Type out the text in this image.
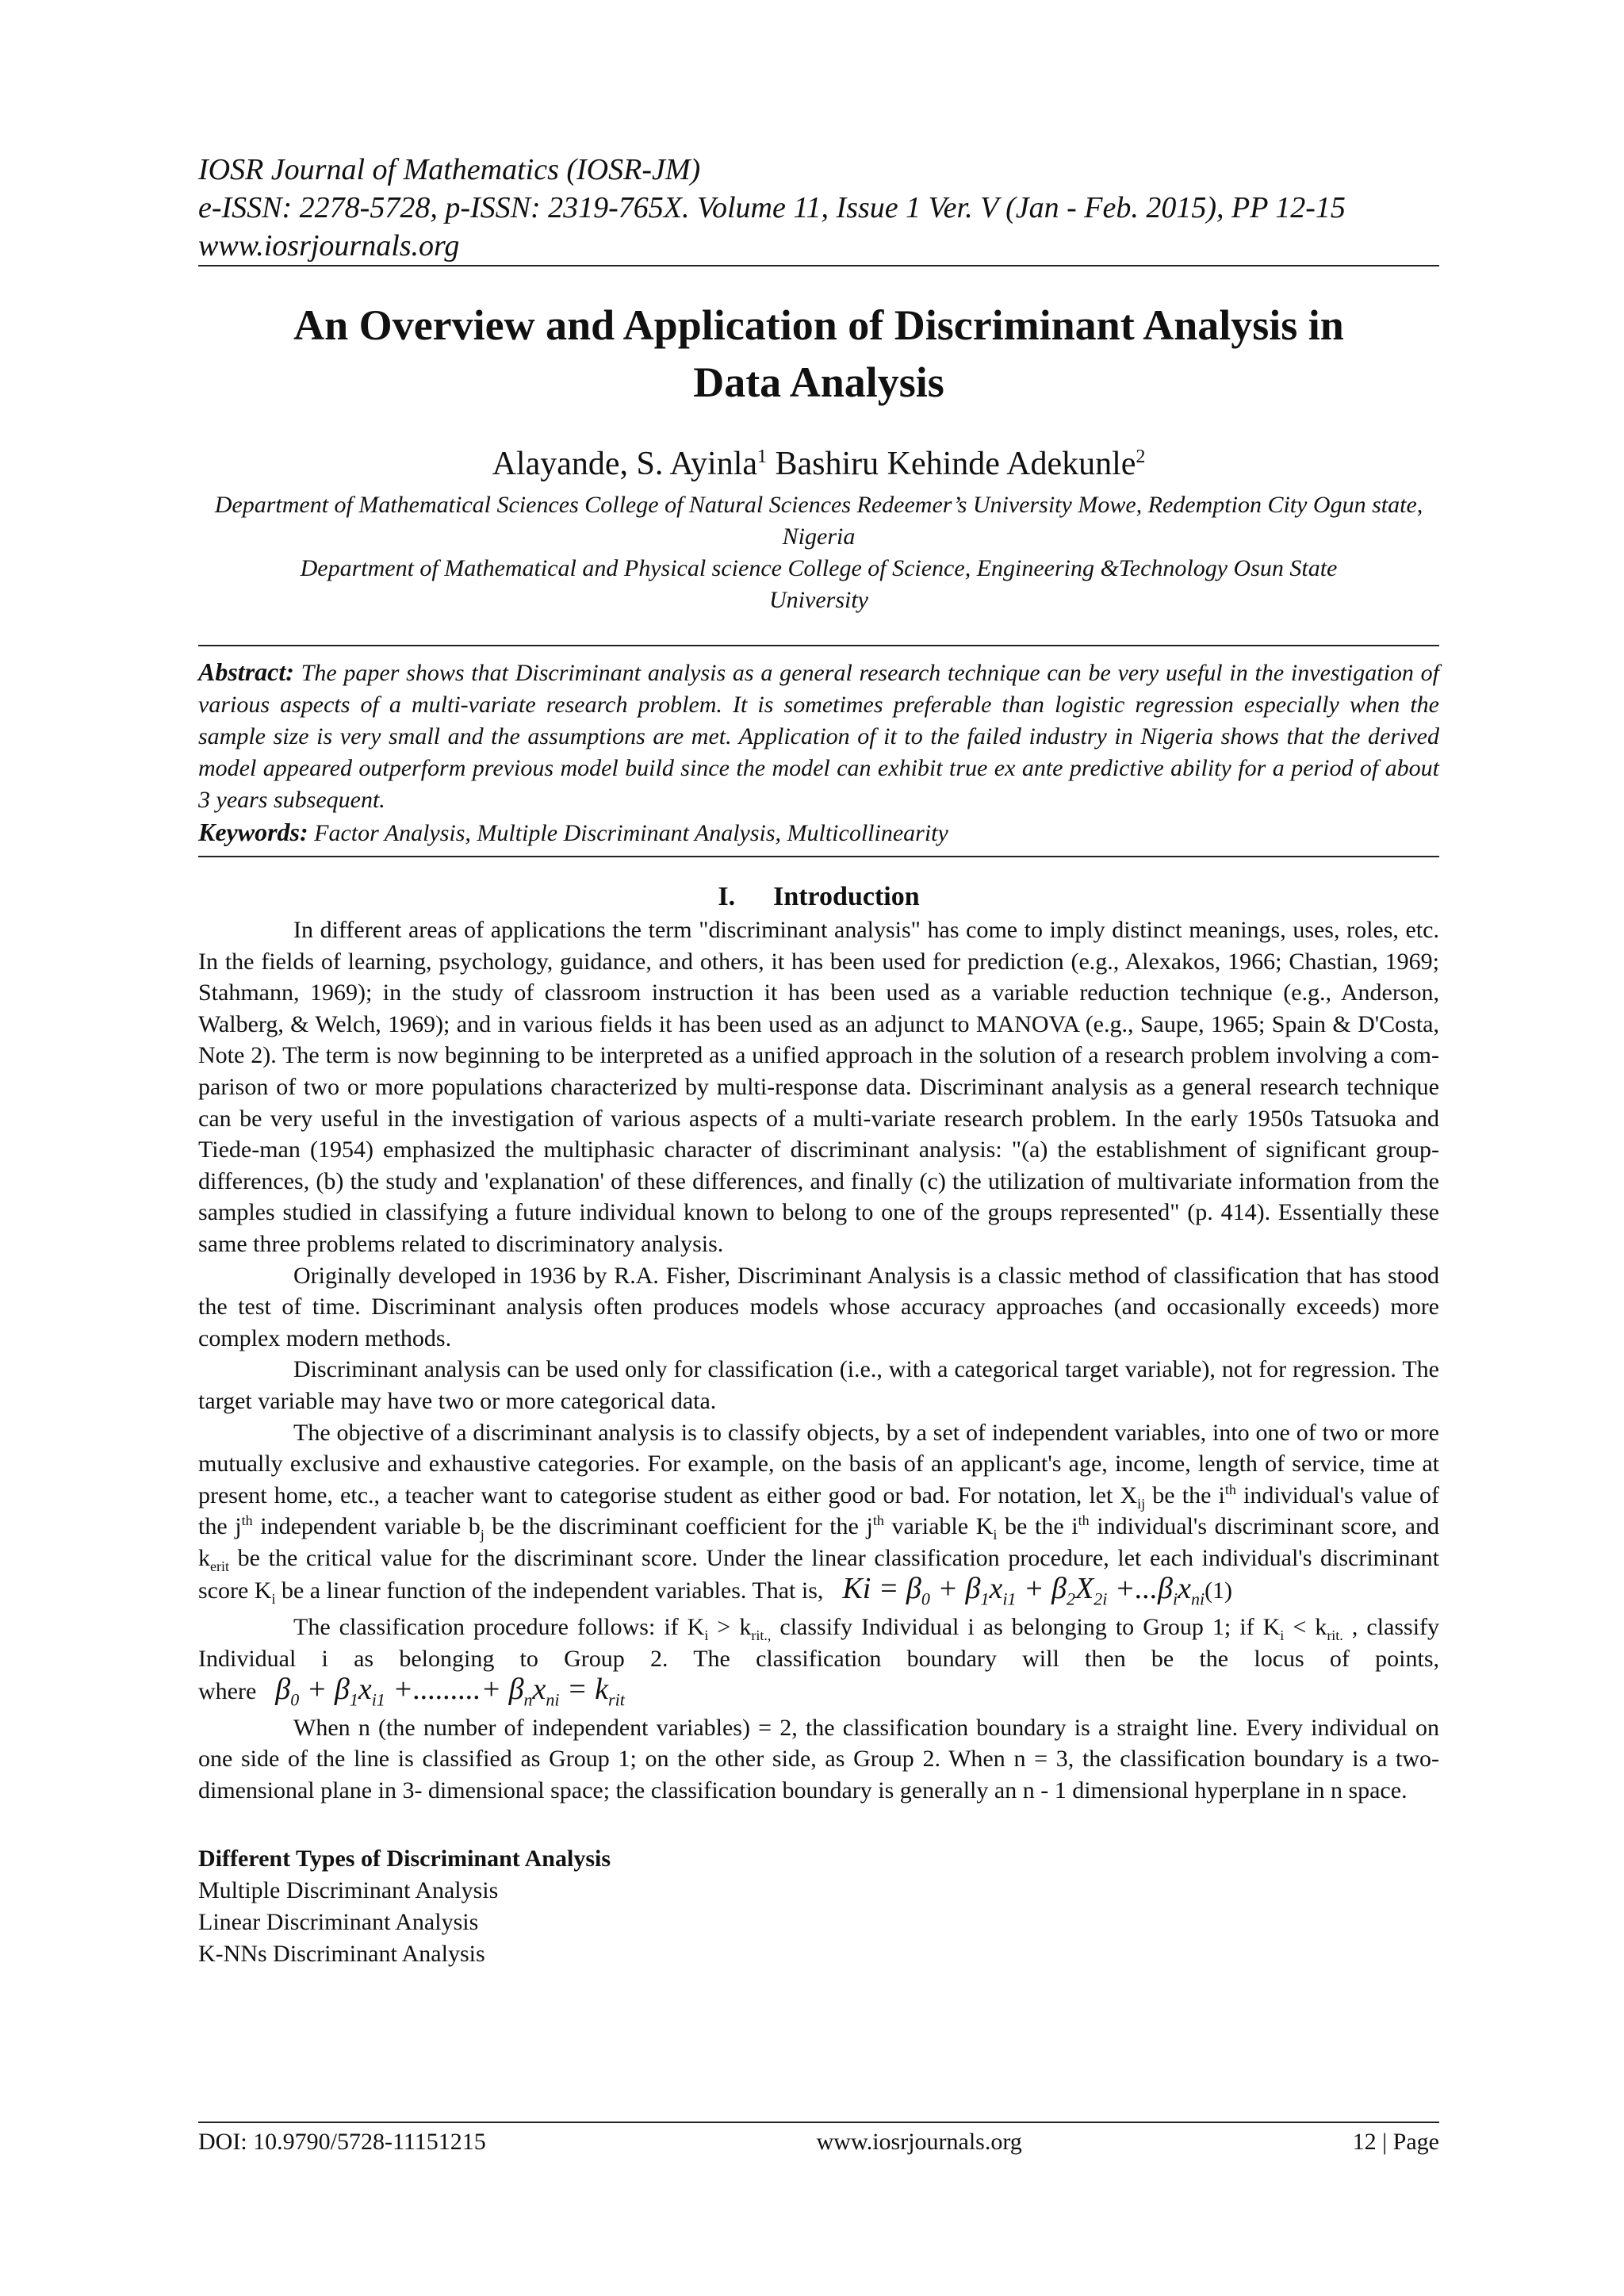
IOSR Journal of Mathematics (IOSR-JM)

e-ISSN: 2278-5728, p-ISSN: 2319-765X. Volume 11, Issue 1 Ver. V (Jan - Feb. 2015), PP 12-15

www.iosrjournals.org

An Overview and Application of Discriminant Analysis in Data Analysis

Alayande, S. Ayinla$^1$ Bashiru Kehinde Adekunle$^2$

Department of Mathematical Sciences College of Natural Sciences Redeemer’s University Mowe, Redemption City Ogun state, Nigeria

Department of Mathematical and Physical science College of Science, Engineering &Technology Osun State University

Abstract: The paper shows that Discriminant analysis as a general research technique can be very useful in the investigation of various aspects of a multi-variate research problem. It is sometimes preferable than logistic regression especially when the sample size is very small and the assumptions are met. Application of it to the failed industry in Nigeria shows that the derived model appeared outperform previous model build since the model can exhibit true ex ante predictive ability for a period of about 3 years subsequent.

Keywords: Factor Analysis, Multiple Discriminant Analysis, Multicollinearity

I. Introduction

In different areas of applications the term "discriminant analysis" has come to imply distinct meanings, uses, roles, etc. In the fields of learning, psychology, guidance, and others, it has been used for prediction (e.g., Alexakos, 1966; Chastian, 1969; Stahmann, 1969); in the study of classroom instruction it has been used as a variable reduction technique (e.g., Anderson, Walberg, & Welch, 1969); and in various fields it has been used as an adjunct to MANOVA (e.g., Saupe, 1965; Spain & D'Costa, Note 2). The term is now beginning to be interpreted as a unified approach in the solution of a research problem involving a com-parison of two or more populations characterized by multi-response data. Discriminant analysis as a general research technique can be very useful in the investigation of various aspects of a multi-variate research problem. In the early 1950s Tatsuoka and Tiede-man (1954) emphasized the multiphasic character of discriminant analysis: "(a) the establishment of significant group-differences, (b) the study and 'explanation' of these differences, and finally (c) the utilization of multivariate information from the samples studied in classifying a future individual known to belong to one of the groups represented" (p. 414). Essentially these same three problems related to discriminatory analysis.

Originally developed in 1936 by R.A. Fisher, Discriminant Analysis is a classic method of classification that has stood the test of time. Discriminant analysis often produces models whose accuracy approaches (and occasionally exceeds) more complex modern methods.

Discriminant analysis can be used only for classification (i.e., with a categorical target variable), not for regression. The target variable may have two or more categorical data.

The objective of a discriminant analysis is to classify objects, by a set of independent variables, into one of two or more mutually exclusive and exhaustive categories. For example, on the basis of an applicant's age, income, length of service, time at present home, etc., a teacher want to categorise student as either good or bad. For notation, let $X_{ij}$ be the $i^{th}$ individual's value of the $j^{th}$ independent variable $b_j$ be the discriminant coefficient for the $j^{th}$ variable $K_i$ be the $i^{th}$ individual's discriminant score, and $k_{erit}$ be the critical value for the discriminant score. Under the linear classification procedure, let each individual's discriminant score $K_i$ be a linear function of the independent variables. That is, $Ki = \beta_0 + \beta_1x_{i1} + \beta_2X_{2i} +...\beta_ix_{ni}(1)$

The classification procedure follows: if $K_i > k_{rit.,}$ classify Individual i as belonging to Group 1; if $K_i < k_{rit.}$ , classify Individual i as belonging to Group 2. The classification boundary will then be the locus of points, where $\beta_0 + \beta_1x_{i1}$ +.........+ $\beta_nx_{ni} = k_{rit}$

When n (the number of independent variables) = 2, the classification boundary is a straight line. Every individual on one side of the line is classified as Group 1; on the other side, as Group 2. When n = 3, the classification boundary is a two-dimensional plane in 3- dimensional space; the classification boundary is generally an n - 1 dimensional hyperplane in n space.

Different Types of Discriminant Analysis

Multiple Discriminant Analysis

Linear Discriminant Analysis

K-NNs Discriminant Analysis

DOI: 10.9790/5728-11151215	www.iosrjournals.org	12 | Page
